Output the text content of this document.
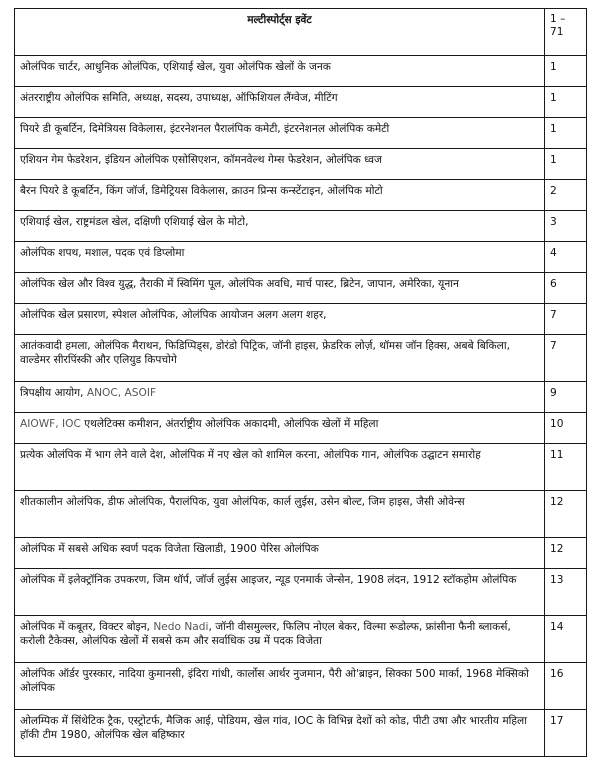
मल्टीस्पोर्ट्स इवेंट	1 – 71
ओलंपिक चार्टर, आधुनिक ओलंपिक, एशियाई खेल, युवा ओलंपिक खेलों के जनक	1
अंतरराष्ट्रीय ओलंपिक समिति, अध्यक्ष, सदस्य, उपाध्यक्ष, ऑफिशियल लैंग्वेज, मीटिंग	1
पियरे डी कूबर्टिन, दिमेत्रियस विकेलास, इंटरनेशनल पैरालंपिक कमेटी, इंटरनेशनल ओलंपिक कमेटी	1
एशियन गेम फेडरेशन, इंडियन ओलंपिक एसोसिएशन, कॉमनवेल्थ गेम्स फेडरेशन, ओलंपिक ध्वज	1
बैरन पियरे डे कूबर्टिन, किंग जॉर्ज, डिमेट्रियस विकेलास, क्राउन प्रिन्स कन्स्टेंटाइन, ओलंपिक मोटो	2
एशियाई खेल, राष्ट्रमंडल खेल, दक्षिणी एशियाई खेल के मोटो,	3
ओलंपिक शपथ, मशाल, पदक एवं डिप्लोमा	4
ओलंपिक खेल और विश्व युद्ध, तैराकी में स्विमिंग पूल, ओलंपिक अवधि, मार्च पास्ट, ब्रिटेन, जापान, अमेरिका, यूनान	6
ओलंपिक खेल प्रसारण, स्पेशल ओलंपिक, ओलंपिक आयोजन अलग अलग शहर,	7
आतंकवादी हमला, ओलंपिक मैराथन, फिडिप्पिड्स, डोरंडो पिट्रिक, जॉनी हाइस, फ्रेडरिक लोर्ज़, थॉमस जॉन हिक्स, अबबे बिकिला, वाल्डेमर सीरपिंस्की और एलियुड किपचोगे	7
त्रिपक्षीय आयोग, ANOC, ASOIF	9
AIOWF, IOC एथलेटिक्स कमीशन, अंतर्राष्ट्रीय ओलंपिक अकादमी, ओलंपिक खेलों में महिला	10
प्रत्येक ओलंपिक में भाग लेने वाले देश, ओलंपिक में नए खेल को शामिल करना, ओलंपिक गान, ओलंपिक उद्घाटन समारोह	11
शीतकालीन ओलंपिक, डीफ ओलंपिक, पैरालंपिक, युवा ओलंपिक, कार्ल लुईस, उसेन बोल्ट, जिम हाइस, जैसी ओवेन्स	12
ओलंपिक में सबसे अधिक स्वर्ण पदक विजेता खिलाडी, 1900 पेरिस ओलंपिक	12
ओलंपिक में इलेक्ट्रॉनिक उपकरण, जिम थॉर्प, जॉर्ज लुईस आइजर, न्यूड एनमार्क जेन्सेन, 1908 लंदन, 1912 स्टॉकहोम ओलंपिक	13
ओलंपिक में कबूतर, विक्टर बोइन, Nedo Nadi, जॉनी वीसमुल्लर, फिलिप नोएल बेकर, विल्मा रूडोल्फ, फ्रांसीना फैनी ब्लाकर्स, करोली टैकेक्स, ओलंपिक खेलों में सबसे कम और सर्वाधिक उम्र में पदक विजेता	14
ओलंपिक ऑर्डर पुरस्कार, नादिया कुमानसी, इंदिरा गांधी, कार्लोस आर्थर नुजमान, पैरी ओ'ब्राइन, सिक्का 500 मार्का, 1968 मेक्सिको ओलंपिक	16
ओलम्पिक में सिंथेटिक ट्रैक, एस्ट्रोटर्फ, मैजिक आई, पोडियम, खेल गांव, IOC के विभिन्न देशों को कोड, पीटी उषा और भारतीय महिला हॉकी टीम 1980, ओलंपिक खेल बहिष्कार	17
